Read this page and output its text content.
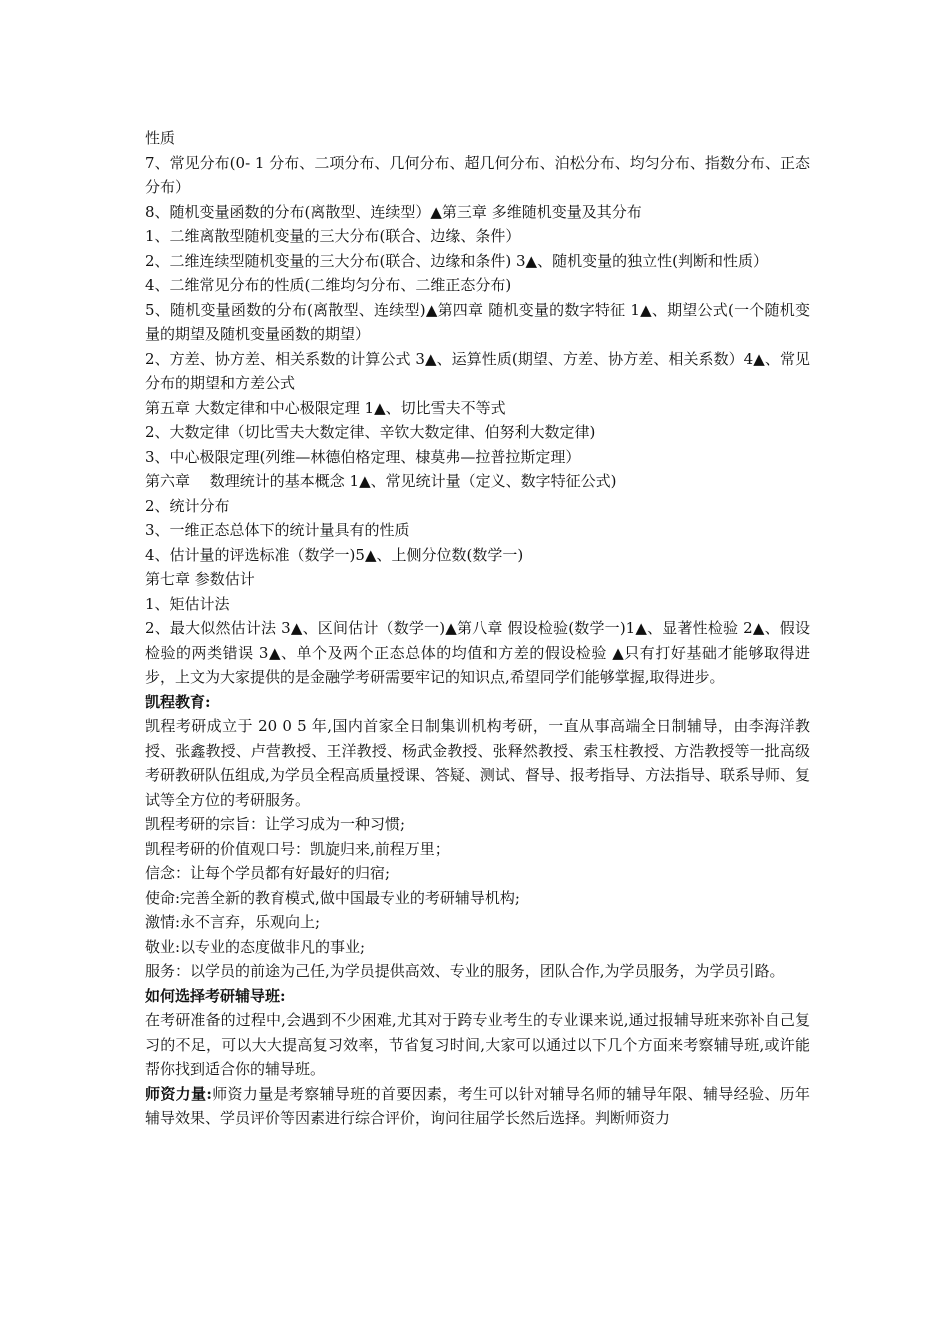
性质

7、常见分布(0- 1 分布、二项分布、几何分布、超几何分布、泊松分布、均匀分布、指数分布、正态分布）

8、随机变量函数的分布(离散型、连续型）▲第三章 多维随机变量及其分布

1、二维离散型随机变量的三大分布(联合、边缘、条件）

2、二维连续型随机变量的三大分布(联合、边缘和条件) 3▲、随机变量的独立性(判断和性质）

4、二维常见分布的性质(二维均匀分布、二维正态分布)

5、随机变量函数的分布(离散型、连续型)▲第四章 随机变量的数字特征 1▲、期望公式(一个随机变量的期望及随机变量函数的期望）

2、方差、协方差、相关系数的计算公式 3▲、运算性质(期望、方差、协方差、相关系数）4▲、常见分布的期望和方差公式

第五章 大数定律和中心极限定理 1▲、切比雪夫不等式

2、大数定律（切比雪夫大数定律、辛钦大数定律、伯努利大数定律)

3、中心极限定理(列维—林德伯格定理、棣莫弗—拉普拉斯定理）

第六章　 数理统计的基本概念 1▲、常见统计量（定义、数字特征公式)

2、统计分布

3、一维正态总体下的统计量具有的性质

4、估计量的评选标准（数学一)5▲、上侧分位数(数学一)

第七章 参数估计

1、矩估计法

2、最大似然估计法 3▲、区间估计（数学一)▲第八章 假设检验(数学一)1▲、显著性检验 2▲、假设检验的两类错误 3▲、单个及两个正态总体的均值和方差的假设检验 ▲只有打好基础才能够取得进步，上文为大家提供的是金融学考研需要牢记的知识点,希望同学们能够掌握,取得进步。

凯程教育:

凯程考研成立于 20 0 5 年,国内首家全日制集训机构考研，一直从事高端全日制辅导，由李海洋教授、张鑫教授、卢营教授、王洋教授、杨武金教授、张释然教授、索玉柱教授、方浩教授等一批高级考研教研队伍组成,为学员全程高质量授课、答疑、测试、督导、报考指导、方法指导、联系导师、复试等全方位的考研服务。

凯程考研的宗旨：让学习成为一种习惯;

凯程考研的价值观口号：凯旋归来,前程万里；

信念：让每个学员都有好最好的归宿;

使命:完善全新的教育模式,做中国最专业的考研辅导机构;

激情:永不言弃，乐观向上;

敬业:以专业的态度做非凡的事业;

服务：以学员的前途为己任,为学员提供高效、专业的服务，团队合作,为学员服务，为学员引路。

如何选择考研辅导班:

在考研准备的过程中,会遇到不少困难,尤其对于跨专业考生的专业课来说,通过报辅导班来弥补自己复习的不足，可以大大提高复习效率，节省复习时间,大家可以通过以下几个方面来考察辅导班,或许能帮你找到适合你的辅导班。

师资力量:师资力量是考察辅导班的首要因素，考生可以针对辅导名师的辅导年限、辅导经验、历年辅导效果、学员评价等因素进行综合评价，询问往届学长然后选择。判断师资力
